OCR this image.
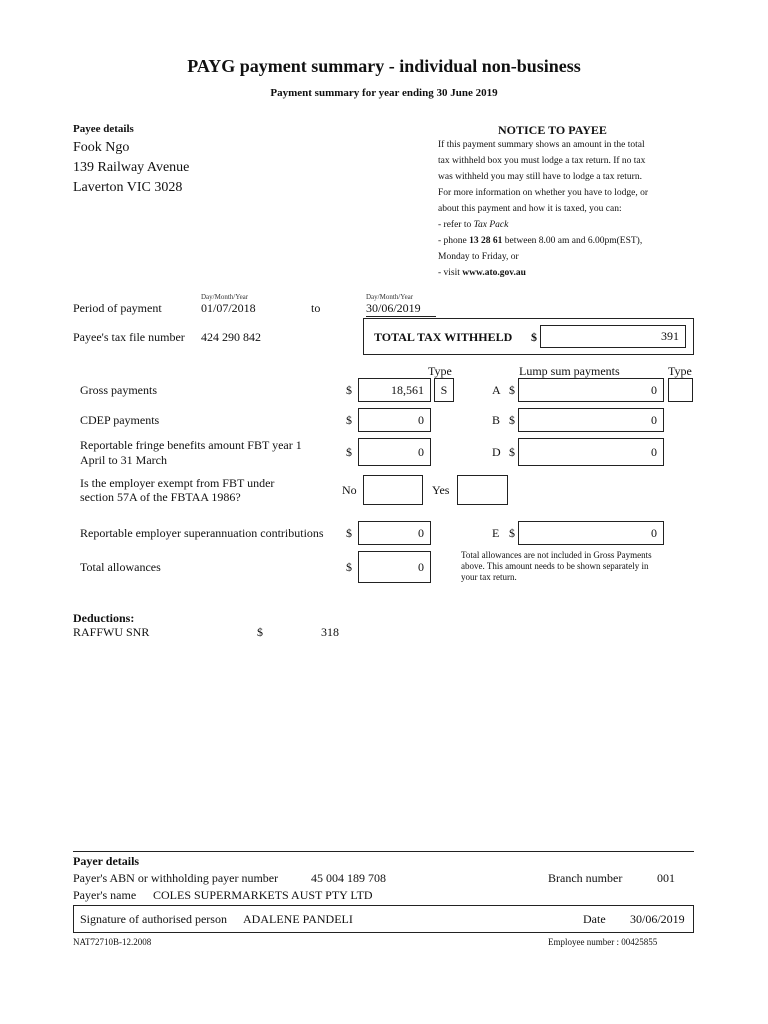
PAYG payment summary - individual non-business
Payment summary for year ending 30 June 2019
Payee details
Fook Ngo
139 Railway Avenue
Laverton VIC 3028
NOTICE TO PAYEE
If this payment summary shows an amount in the total
tax withheld box you must lodge a tax return. If no tax
was withheld you may still have to lodge a tax return.
For more information on whether you have to lodge, or
about this payment and how it is taxed, you can:
- refer to Tax Pack
- phone 13 28 61 between 8.00 am and 6.00pm(EST),
Monday to Friday, or
- visit www.ato.gov.au
Day/Month/Year	Day/Month/Year
Period of payment	01/07/2018	to	30/06/2019
Payee's tax file number 424 290 842	TOTAL TAX WITHHELD $	391
Type	Lump sum payments	Type
Gross payments	$	18,561	S	A $	0
CDEP payments	$	0	B $	0
Reportable fringe benefits amount FBT year 1
April to 31 March
$	0	D $	0
Is the employer exempt from FBT under
section 57A of the FBTAA 1986?	No	Yes
Reportable employer superannuation contributions $	0	E $	0
Total allowances	$	0
Total allowances are not included in Gross Payments
above. This amount needs to be shown separately in
your tax return.
Deductions:
RAFFWU SNR	$	318
Payer details
Payer's ABN or withholding payer number	45 004 189 708	Branch number	001
Payer's name COLES SUPERMARKETS AUST PTY LTD
Signature of authorised person ADALENE PANDELI	Date 30/06/2019
NAT72710B-12.2008	Employee number : 00425855
